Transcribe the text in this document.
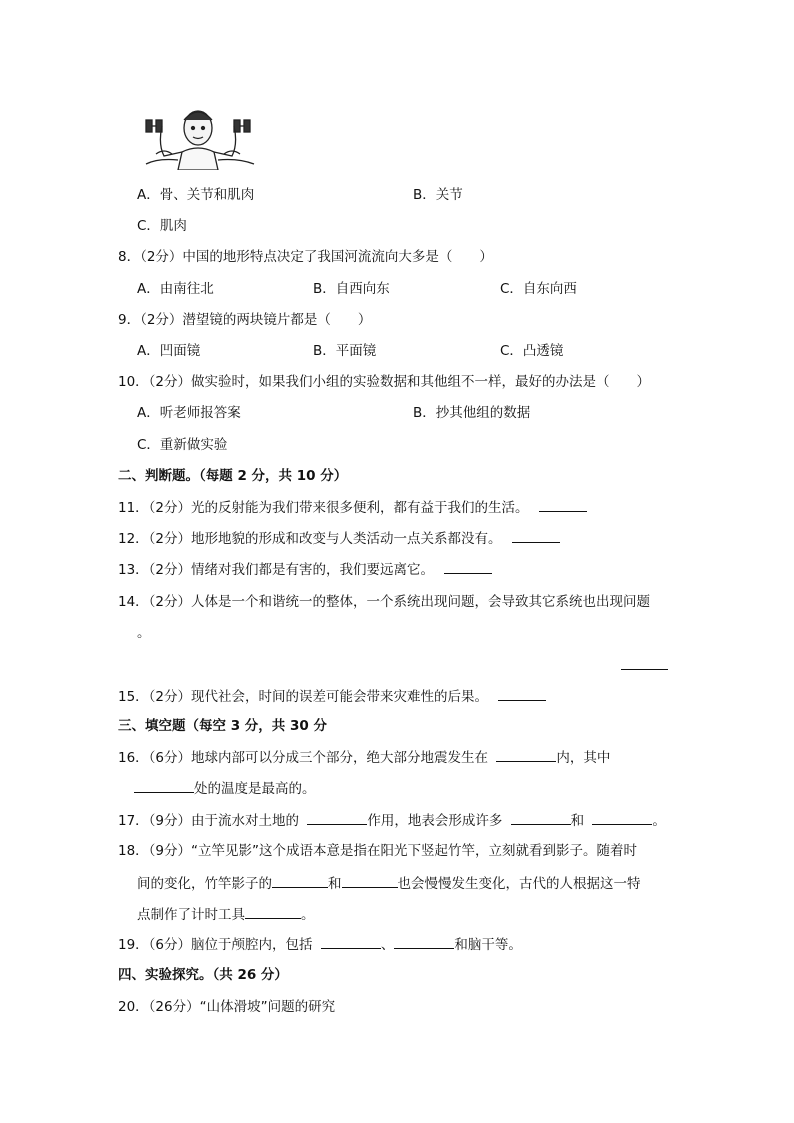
A．骨、关节和肌肉	B．关节
C．肌肉
8．（2分）中国的地形特点决定了我国河流流向大多是（　　）
A．由南往北	B．自西向东	C．自东向西
9．（2分）潜望镜的两块镜片都是（　　）
A．凹面镜	B．平面镜	C．凸透镜
10．（2分）做实验时，如果我们小组的实验数据和其他组不一样，最好的办法是（　　）
A．听老师报答案	B．抄其他组的数据
C．重新做实验
二、判断题。（每题 2 分，共 10 分）
11．（2分）光的反射能为我们带来很多便利，都有益于我们的生活。
12．（2分）地形地貌的形成和改变与人类活动一点关系都没有。
13．（2分）情绪对我们都是有害的，我们要远离它。
14．（2分）人体是一个和谐统一的整体，一个系统出现问题，会导致其它系统也出现问题
。
15．（2分）现代社会，时间的误差可能会带来灾难性的后果。
三、填空题（每空 3 分，共 30 分
16．（6分）地球内部可以分成三个部分，绝大部分地震发生在	内，其中
处的温度是最高的。
17．（9分）由于流水对土地的	作用，地表会形成许多	和	。
18．（9分）“立竿见影”这个成语本意是指在阳光下竖起竹竿，立刻就看到影子。随着时
间的变化，竹竿影子的	和	也会慢慢发生变化，古代的人根据这一特
点制作了计时工具	。
19．（6分）脑位于颅腔内，包括	、	和脑干等。
四、实验探究。（共 26 分）
20．（26分）“山体滑坡”问题的研究
